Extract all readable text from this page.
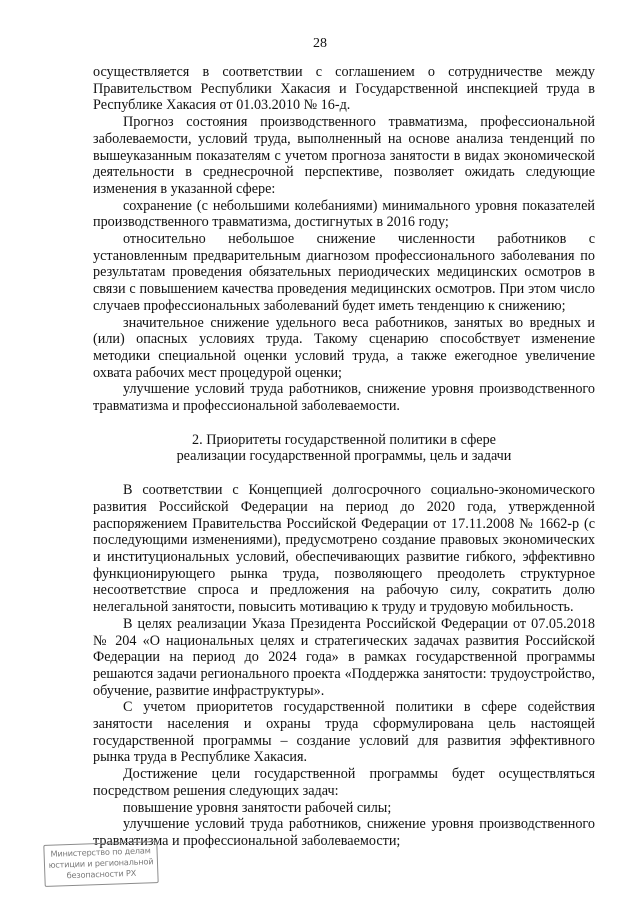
28

осуществляется в соответствии с соглашением о сотрудничестве между Правительством Республики Хакасия и Государственной инспекцией труда в Республике Хакасия от 01.03.2010 № 16-д.

Прогноз состояния производственного травматизма, профессиональной заболеваемости, условий труда, выполненный на основе анализа тенденций по вышеуказанным показателям с учетом прогноза занятости в видах экономической деятельности в среднесрочной перспективе, позволяет ожидать следующие изменения в указанной сфере:

сохранение (с небольшими колебаниями) минимального уровня показателей производственного травматизма, достигнутых в 2016 году;

относительно небольшое снижение численности работников с установленным предварительным диагнозом профессионального заболевания по результатам проведения обязательных периодических медицинских осмотров в связи с повышением качества проведения медицинских осмотров. При этом число случаев профессиональных заболеваний будет иметь тенденцию к снижению;

значительное снижение удельного веса работников, занятых во вредных и (или) опасных условиях труда. Такому сценарию способствует изменение методики специальной оценки условий труда, а также ежегодное увеличение охвата рабочих мест процедурой оценки;

улучшение условий труда работников, снижение уровня производственного травматизма и профессиональной заболеваемости.

2. Приоритеты государственной политики в сфере
реализации государственной программы, цель и задачи

В соответствии с Концепцией долгосрочного социально-экономического развития Российской Федерации на период до 2020 года, утвержденной распоряжением Правительства Российской Федерации от 17.11.2008 № 1662-р (с последующими изменениями), предусмотрено создание правовых экономических и институциональных условий, обеспечивающих развитие гибкого, эффективно функционирующего рынка труда, позволяющего преодолеть структурное несоответствие спроса и предложения на рабочую силу, сократить долю нелегальной занятости, повысить мотивацию к труду и трудовую мобильность.

В целях реализации Указа Президента Российской Федерации от 07.05.2018 № 204 «О национальных целях и стратегических задачах развития Российской Федерации на период до 2024 года» в рамках государственной программы решаются задачи регионального проекта «Поддержка занятости: трудоустройство, обучение, развитие инфраструктуры».

С учетом приоритетов государственной политики в сфере содействия занятости населения и охраны труда сформулирована цель настоящей государственной программы – создание условий для развития эффективного рынка труда в Республике Хакасия.

Достижение цели государственной программы будет осуществляться посредством решения следующих задач:

повышение уровня занятости рабочей силы;

улучшение условий труда работников, снижение уровня производственного травматизма и профессиональной заболеваемости;

Министерство по делам
юстиции и региональной
безопасности РХ
